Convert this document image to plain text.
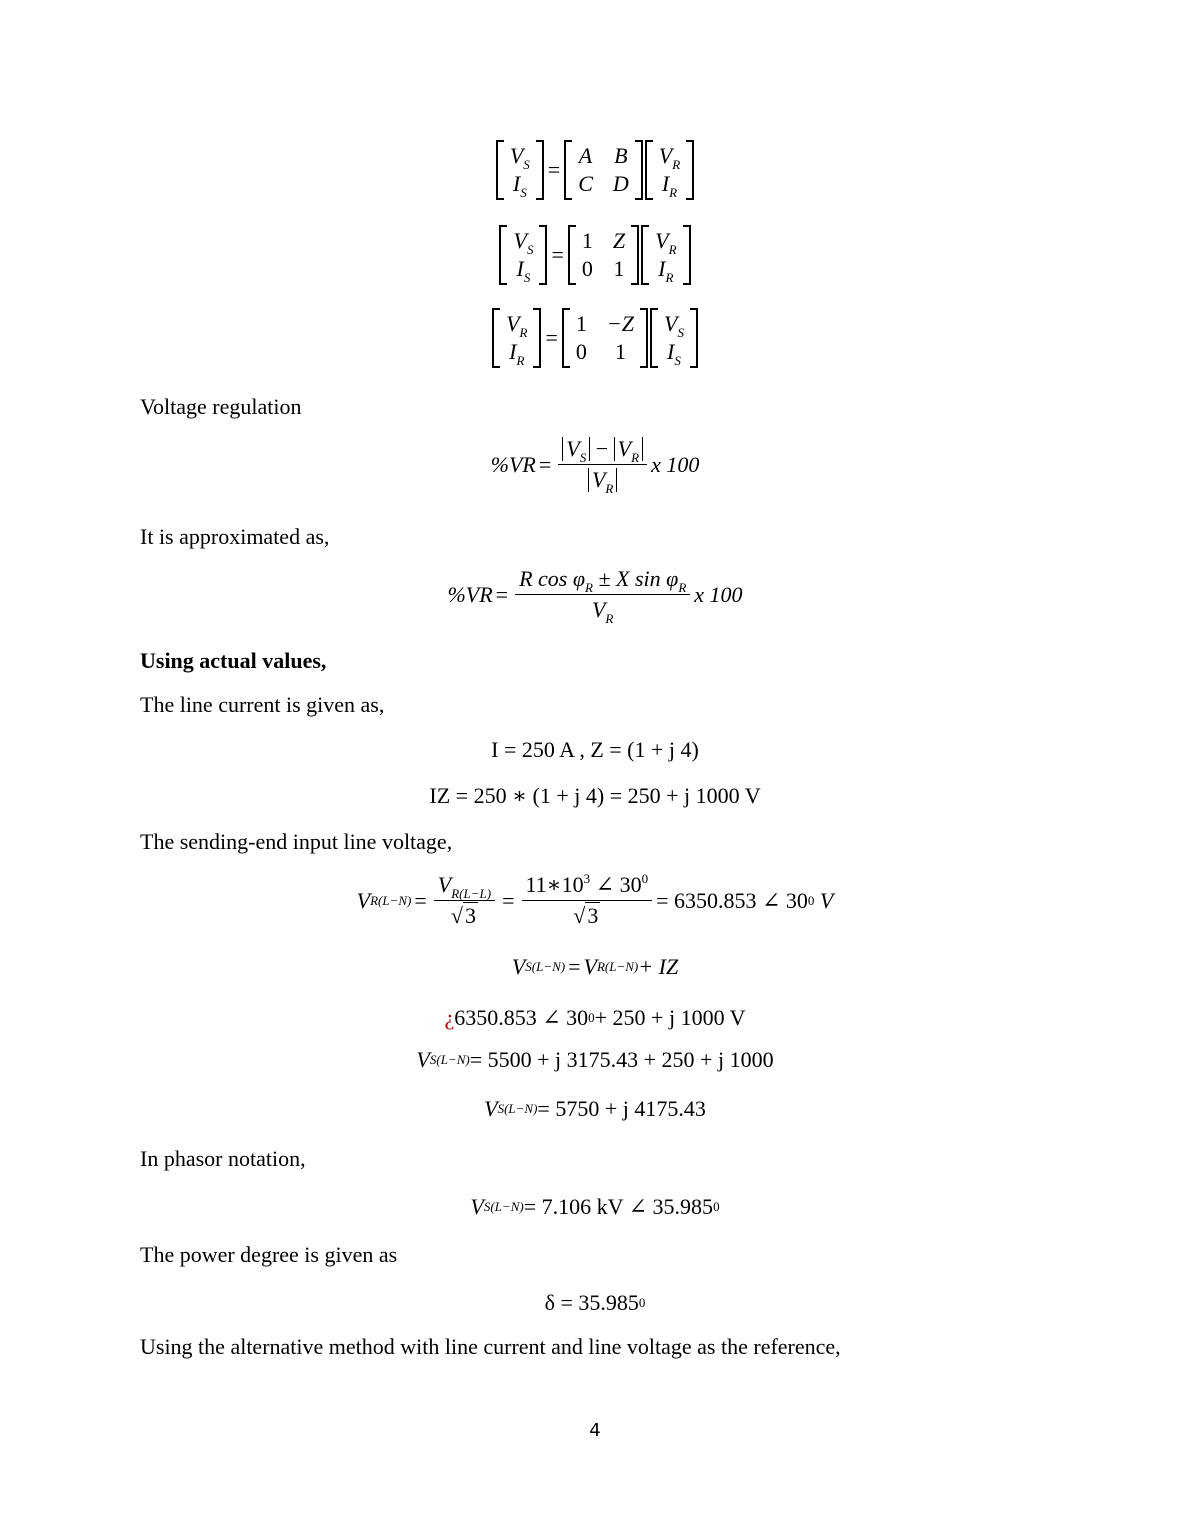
$V_S$
$I_S$
=
A B
C D
$V_R$
$I_R$
$V_S$
$I_S$
=
1 Z
0 1
$V_R$
$I_R$
$V_R$
$I_R$
=
1 −Z
0	1
$V_S$
$I_S$
Voltage regulation
$\%VR = \frac{V_S - V_R}{V_R}$ x 100
It is approximated as,
$\%VR = \frac{R \cos \varphi_R \pm X \sin \varphi_R}{V_R}$ x 100
Using actual values,
The line current is given as,
I = 250 A , Z = (1 + j 4)
IZ = 250 ∗ (1 + j 4) = 250 + j 1000 V
The sending-end input line voltage,
V $R(L-N) = \frac{V_{R(L-L)}}{√3} = \frac{11∗10^3 \angle 30^0}{√3} = 6350.853$ ∠ 30 0
V
V S(L−N) = V R(L−N) + IZ
¿ 6350.853 ∠ 30 0 + 250 + j 1000 V
V S(L−N) = 5500 + j 3175.43 + 250 + j 1000
V S(L−N) = 5750 + j 4175.43
In phasor notation,
V S(L−N) = 7.106 kV ∠ 35.985 0
The power degree is given as
δ = 35.985 0
Using the alternative method with line current and line voltage as the reference,
4
